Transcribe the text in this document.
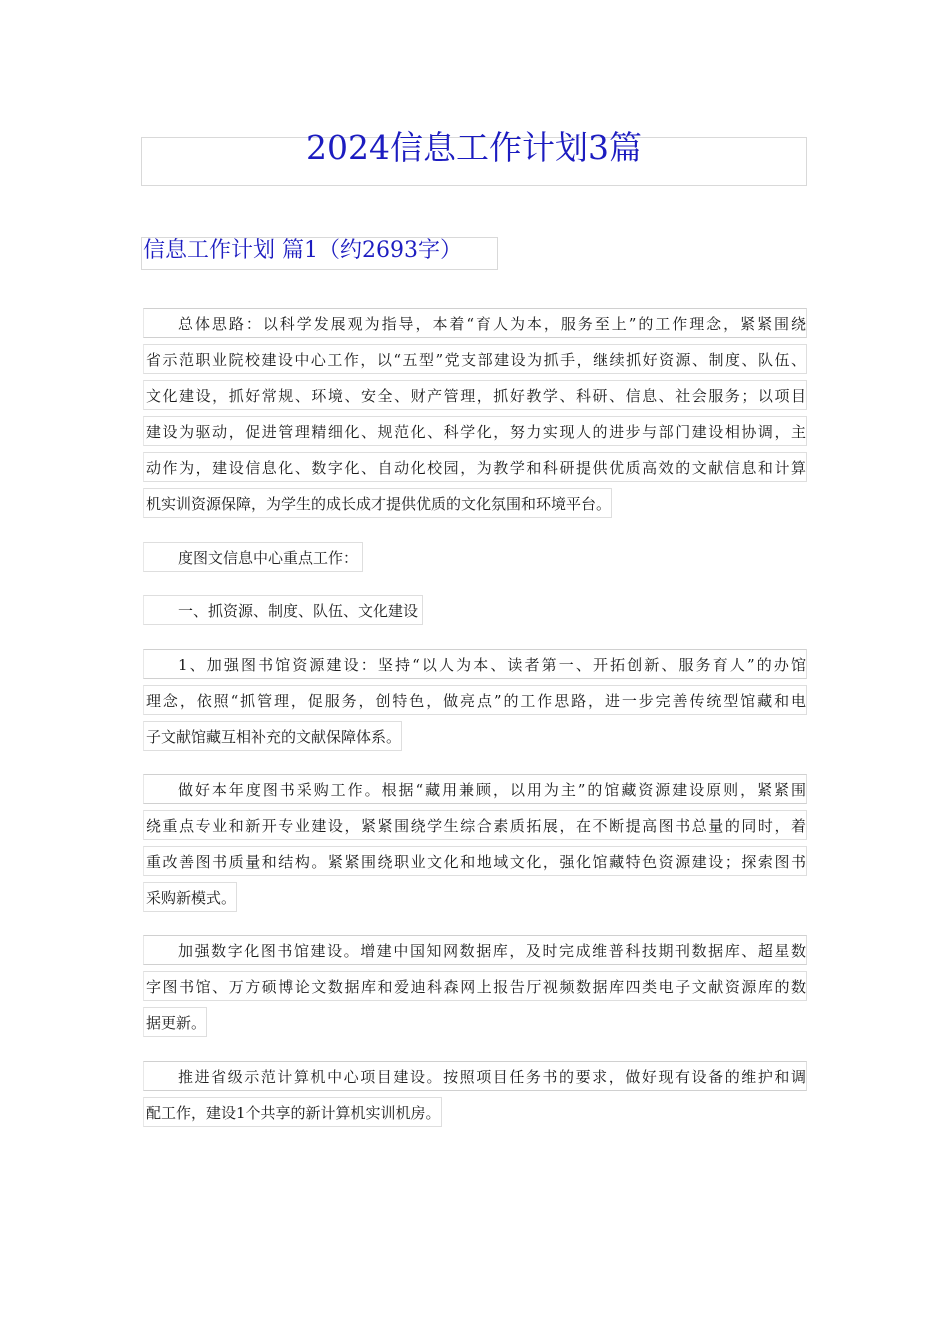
2024信息工作计划3篇
信息工作计划 篇1（约2693字）
总体思路：以科学发展观为指导，本着“育人为本，服务至上”的工作理念，紧紧围绕
省示范职业院校建设中心工作，以“五型”党支部建设为抓手，继续抓好资源、制度、队伍、
文化建设，抓好常规、环境、安全、财产管理，抓好教学、科研、信息、社会服务；以项目
建设为驱动，促进管理精细化、规范化、科学化，努力实现人的进步与部门建设相协调，主
动作为，建设信息化、数字化、自动化校园，为教学和科研提供优质高效的文献信息和计算
机实训资源保障，为学生的成长成才提供优质的文化氛围和环境平台。
度图文信息中心重点工作：
一、抓资源、制度、队伍、文化建设
1、加强图书馆资源建设：坚持“以人为本、读者第一、开拓创新、服务育人”的办馆
理念，依照“抓管理，促服务，创特色，做亮点”的工作思路，进一步完善传统型馆藏和电
子文献馆藏互相补充的文献保障体系。
做好本年度图书采购工作。根据“藏用兼顾，以用为主”的馆藏资源建设原则，紧紧围
绕重点专业和新开专业建设，紧紧围绕学生综合素质拓展，在不断提高图书总量的同时，着
重改善图书质量和结构。紧紧围绕职业文化和地域文化，强化馆藏特色资源建设；探索图书
采购新模式。
加强数字化图书馆建设。增建中国知网数据库，及时完成维普科技期刊数据库、超星数
字图书馆、万方硕博论文数据库和爱迪科森网上报告厅视频数据库四类电子文献资源库的数
据更新。
推进省级示范计算机中心项目建设。按照项目任务书的要求，做好现有设备的维护和调
配工作，建设1个共享的新计算机实训机房。
